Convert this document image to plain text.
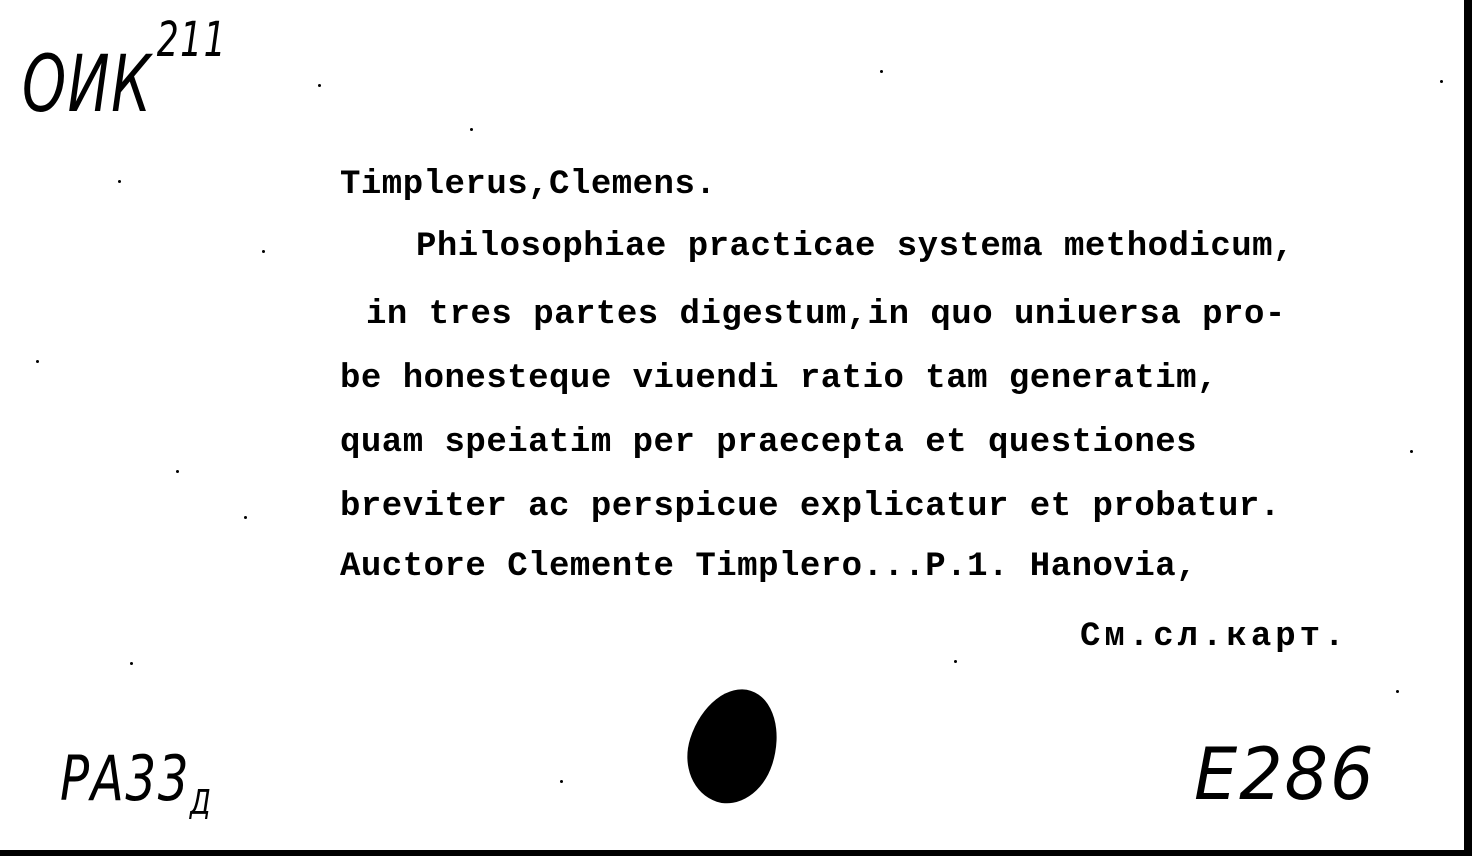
ОИК$^{211}$
Timplerus,Clemens.
Philosophiae practicae systema methodicum,
in tres partes digestum,in quo uniuersa pro-
be honesteque viuendi ratio tam generatim,
quam speiatim per praecepta et questiones
breviter ac perspicue explicatur et probatur.
Auctore Clemente Timplero...P.1. Hanovia,
См.сл.карт.
$РА33_Д$	E286
